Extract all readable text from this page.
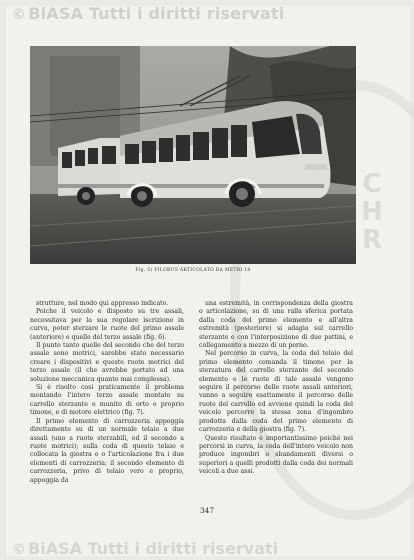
C
H
R
© BiASA Tutti i diritti riservati
Fig. 5) FILOBUS ARTICOLATO DA METRI 18

strutture, nel modo qui appresso indicato.

Poiche il veicolo e disposto su tre assali, necessitava per la sua regolare iscrizione in curva, poter sterzare le ruote del primo assale (anteriore) e quelle del terzo assale (fig. 6).

Il punto tanto quelle del secondo che del terzo assale sono motrici, sarebbe stato necessario creare i dispositivi e queste ruote motrici del terzo assale (il che avrebbe portato ad una soluzione meccanica quanto mai complessa).

Si è risolto cosi praticamente il problema montando l'intero terzo assale montato su carrello sterzante e munito di orto e proprio timone, e di motore elettrico (fig. 7).

Il primo elemento di carrozzeria appoggia direttamente su di un normale telaio a due assali (uno a ruote sterzabili, ed il secondo a ruote motrici); sulla coda di questo telaio e collocata la giostra e o l'articolazione fra i due elementi di carrozzeria; il secondo elemento di carrozzeria, privo di telaio vero e proprio, appoggia da

una estremità, in corrispondenza della giostra o articolazione, su di una ralla sferica portata dalla coda del primo elemento e all'altra estremità (posteriore) si adagia sul carrello sterzante e con l'interposizione di due pattini, e collegamento a mezzo di un perno.

Nel percorso in curva, la coda del telaio del primo elemento comanda il timone per la sterzatura del carrello sterzante del secondo elemento e le ruote di tale assale vengono seguire il percorso delle ruote assali anteriori, vanno a seguire esattamente il percorso delle ruote del carrello ed avviene quindi la coda del veicolo percorre la stessa zona d'ingombro prodotta dalla coda del primo elemento di carrozzeria e della giostra (fig. 7).

Questo risultato è importantissimo poiché nei percorsi in curva, la coda dell'intero veicolo non produce ingombri o sbandamenti diversi o superiori a quelli prodotti dalla coda dei normali veicoli a due assi.

347
© BiASA Tutti i diritti riservati
